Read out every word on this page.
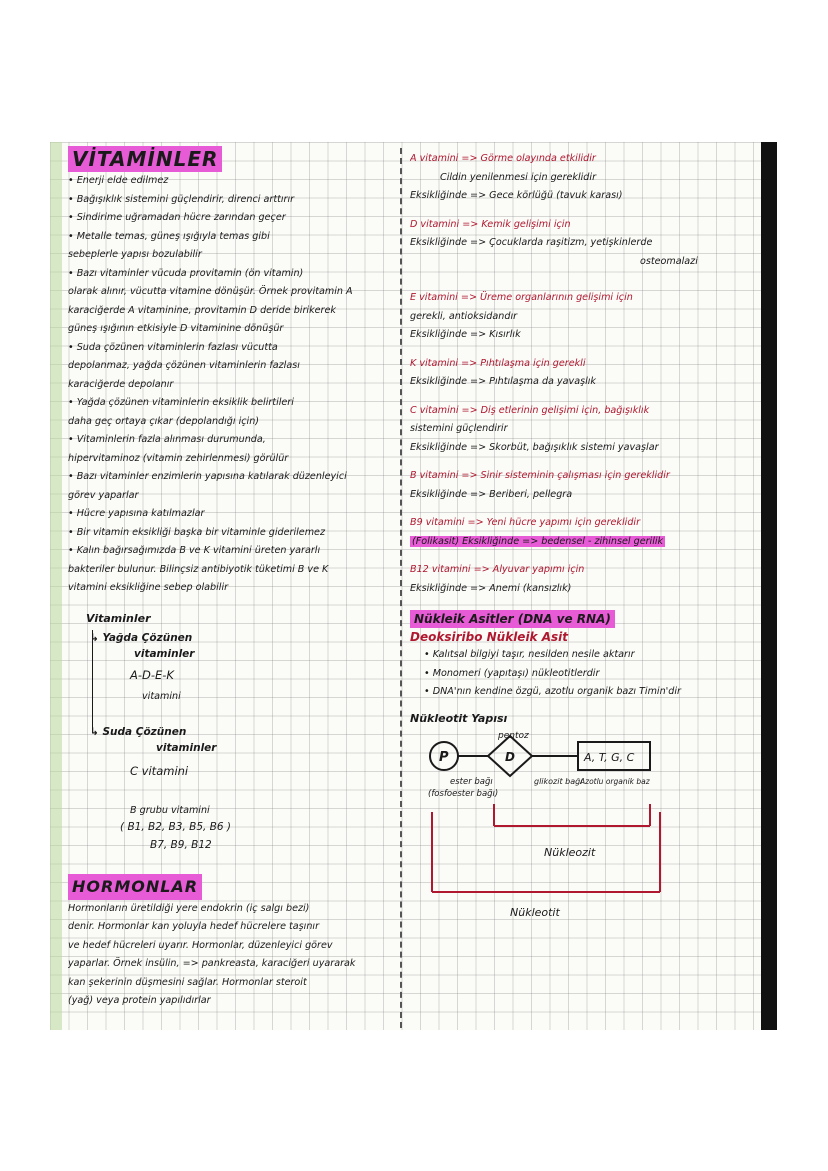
VİTAMİNLER

• Enerji elde edilmez

• Bağışıklık sistemini güçlendirir, direnci arttırır

• Sindirime uğramadan hücre zarından geçer

• Metalle temas, güneş ışığıyla temas gibi

sebeplerle yapısı bozulabilir

• Bazı vitaminler vücuda provitamin (ön vitamin)

olarak alınır, vücutta vitamine dönüşür. Örnek provitamin A

karaciğerde A vitaminine, provitamin D deride birikerek

güneş ışığının etkisiyle D vitaminine dönüşür

• Suda çözünen vitaminlerin fazlası vücutta

depolanmaz, yağda çözünen vitaminlerin fazlası

karaciğerde depolanır

• Yağda çözünen vitaminlerin eksiklik belirtileri

daha geç ortaya çıkar (depolandığı için)

• Vitaminlerin fazla alınması durumunda,

hipervitaminoz (vitamin zehirlenmesi) görülür

• Bazı vitaminler enzimlerin yapısına katılarak düzenleyici

görev yaparlar

• Hücre yapısına katılmazlar

• Bir vitamin eksikliği başka bir vitaminle giderilemez

• Kalın bağırsağımızda B ve K vitamini üreten yararlı

bakteriler bulunur. Bilinçsiz antibiyotik tüketimi B ve K

vitamini eksikliğine sebep olabilir

Vitaminler
↳ Yağda Çözünen
vitaminler
A-D-E-K
vitamini
↳ Suda Çözünen
vitaminler
C vitamini
B grubu vitamini
( B1, B2, B3, B5, B6 )
B7, B9, B12
HORMONLAR

Hormonların üretildiği yere endokrin (iç salgı bezi)

denir. Hormonlar kan yoluyla hedef hücrelere taşınır

ve hedef hücreleri uyarır. Hormonlar, düzenleyici görev

yaparlar. Örnek insülin, => pankreasta, karaciğeri uyararak

kan şekerinin düşmesini sağlar. Hormonlar steroit

(yağ) veya protein yapılıdırlar

A vitamini => Görme olayında etkilidir

Cildin yenilenmesi için gereklidir

Eksikliğinde => Gece körlüğü (tavuk karası)

D vitamini => Kemik gelişimi için

Eksikliğinde => Çocuklarda raşitizm, yetişkinlerde

osteomalazi

E vitamini => Üreme organlarının gelişimi için

gerekli, antioksidandır

Eksikliğinde => Kısırlık

K vitamini => Pıhtılaşma için gerekli

Eksikliğinde => Pıhtılaşma da yavaşlık

C vitamini => Diş etlerinin gelişimi için, bağışıklık

sistemini güçlendirir

Eksikliğinde => Skorbüt, bağışıklık sistemi yavaşlar

B vitamini => Sinir sisteminin çalışması için gereklidir

Eksikliğinde => Beriberi, pellegra

B9 vitamini => Yeni hücre yapımı için gereklidir

(Folikasit) Eksikliğinde => bedensel - zihinsel gerilik

B12 vitamini => Alyuvar yapımı için

Eksikliğinde => Anemi (kansızlık)

Nükleik Asitler (DNA ve RNA)
Deoksiribo Nükleik Asit

• Kalıtsal bilgiyi taşır, nesilden nesile aktarır

• Monomeri (yapıtaşı) nükleotitlerdir

• DNA'nın kendine özgü, azotlu organik bazı Timin'dir

Nükleotit Yapısı
pentoz
P	D	A, T, G, C
ester bağı
(fosfoester bağı)
glikozit bağı
Azotlu organik baz
Nükleozit
Nükleotit
